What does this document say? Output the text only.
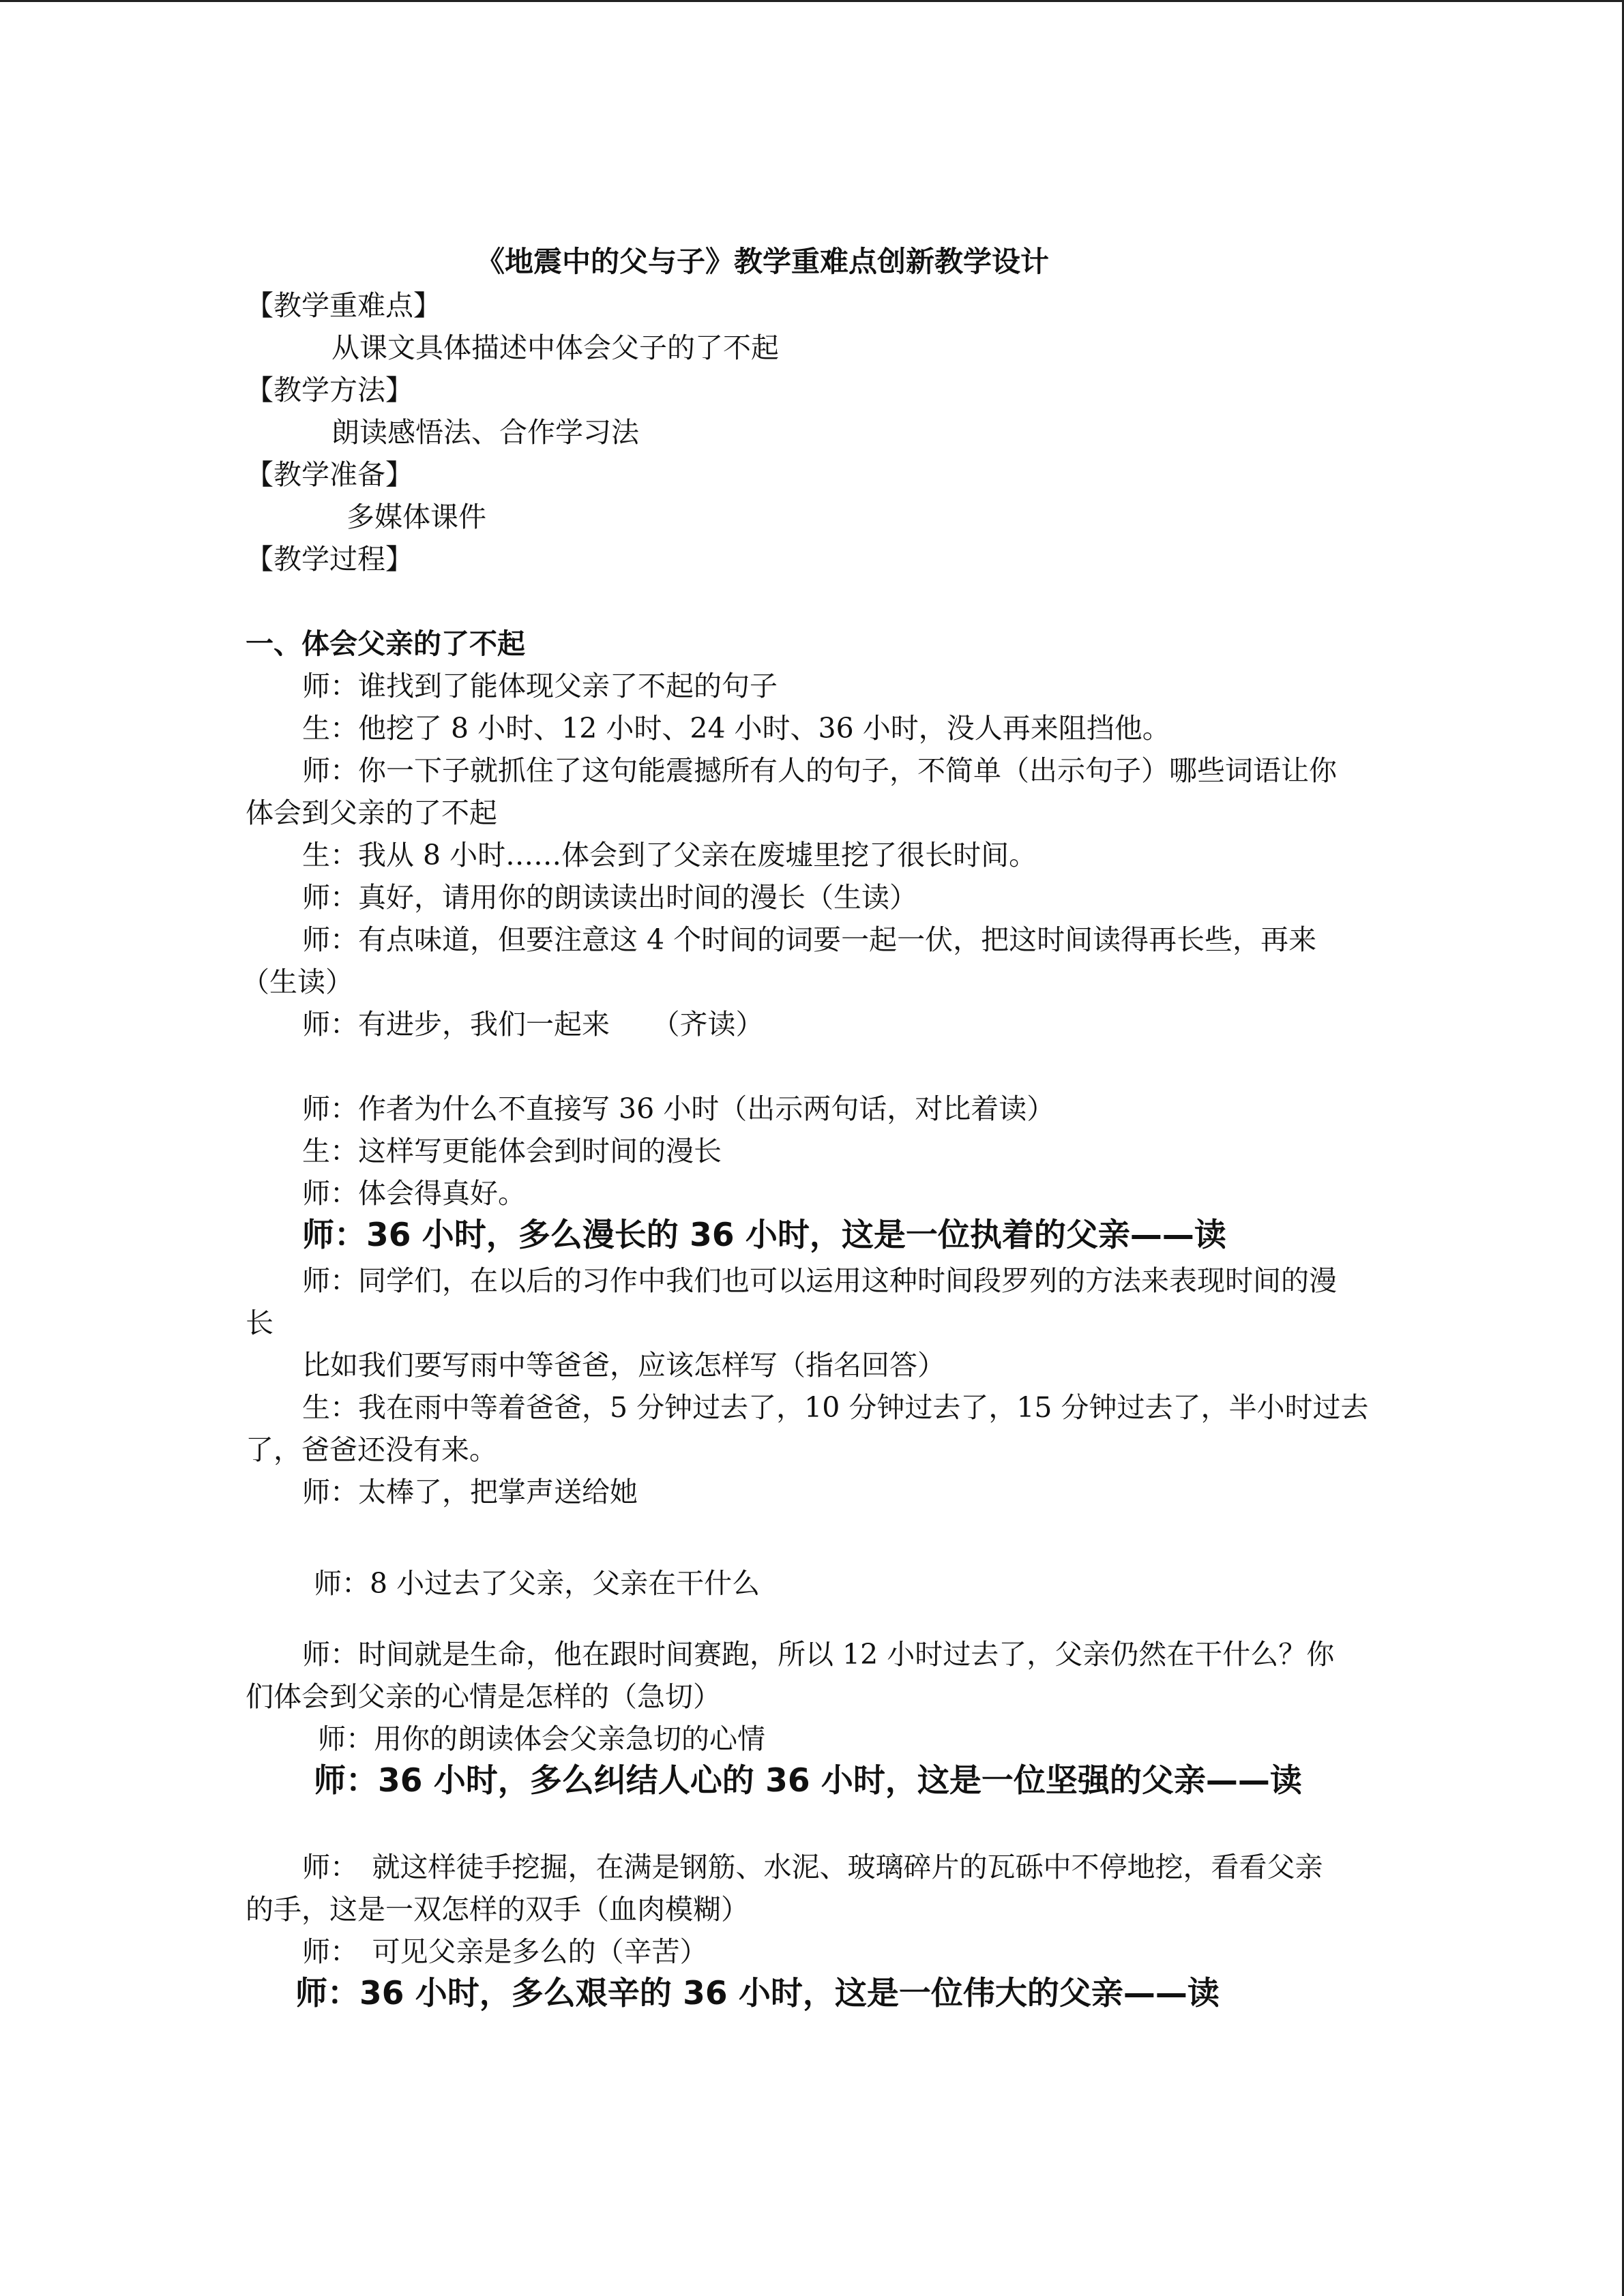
《地震中的父与子》教学重难点创新教学设计
【教学重难点】
从课文具体描述中体会父子的了不起
【教学方法】
朗读感悟法、合作学习法
【教学准备】
多媒体课件
【教学过程】
一、体会父亲的了不起
师：谁找到了能体现父亲了不起的句子
生：他挖了 8 小时、12 小时、24 小时、36 小时，没人再来阻挡他。
师：你一下子就抓住了这句能震撼所有人的句子，不简单（出示句子）哪些词语让你
体会到父亲的了不起
生：我从 8 小时……体会到了父亲在废墟里挖了很长时间。
师：真好，请用你的朗读读出时间的漫长（生读）
师：有点味道，但要注意这 4 个时间的词要一起一伏，把这时间读得再长些，再来
（生读）
师：有进步，我们一起来　　（齐读）
师：作者为什么不直接写 36 小时（出示两句话，对比着读）
生：这样写更能体会到时间的漫长
师：体会得真好。
师：36 小时，多么漫长的 36 小时，这是一位执着的父亲——读
师：同学们，在以后的习作中我们也可以运用这种时间段罗列的方法来表现时间的漫
长
比如我们要写雨中等爸爸，应该怎样写（指名回答）
生：我在雨中等着爸爸，5 分钟过去了，10 分钟过去了，15 分钟过去了，半小时过去
了，爸爸还没有来。
师：太棒了，把掌声送给她
师：8 小过去了父亲，父亲在干什么
师：时间就是生命，他在跟时间赛跑，所以 12 小时过去了，父亲仍然在干什么？你
们体会到父亲的心情是怎样的（急切）
师：用你的朗读体会父亲急切的心情
师：36 小时，多么纠结人心的 36 小时，这是一位坚强的父亲——读
师：　就这样徒手挖掘，在满是钢筋、水泥、玻璃碎片的瓦砾中不停地挖，看看父亲
的手，这是一双怎样的双手（血肉模糊）
师：　可见父亲是多么的（辛苦）
师：36 小时，多么艰辛的 36 小时，这是一位伟大的父亲——读
